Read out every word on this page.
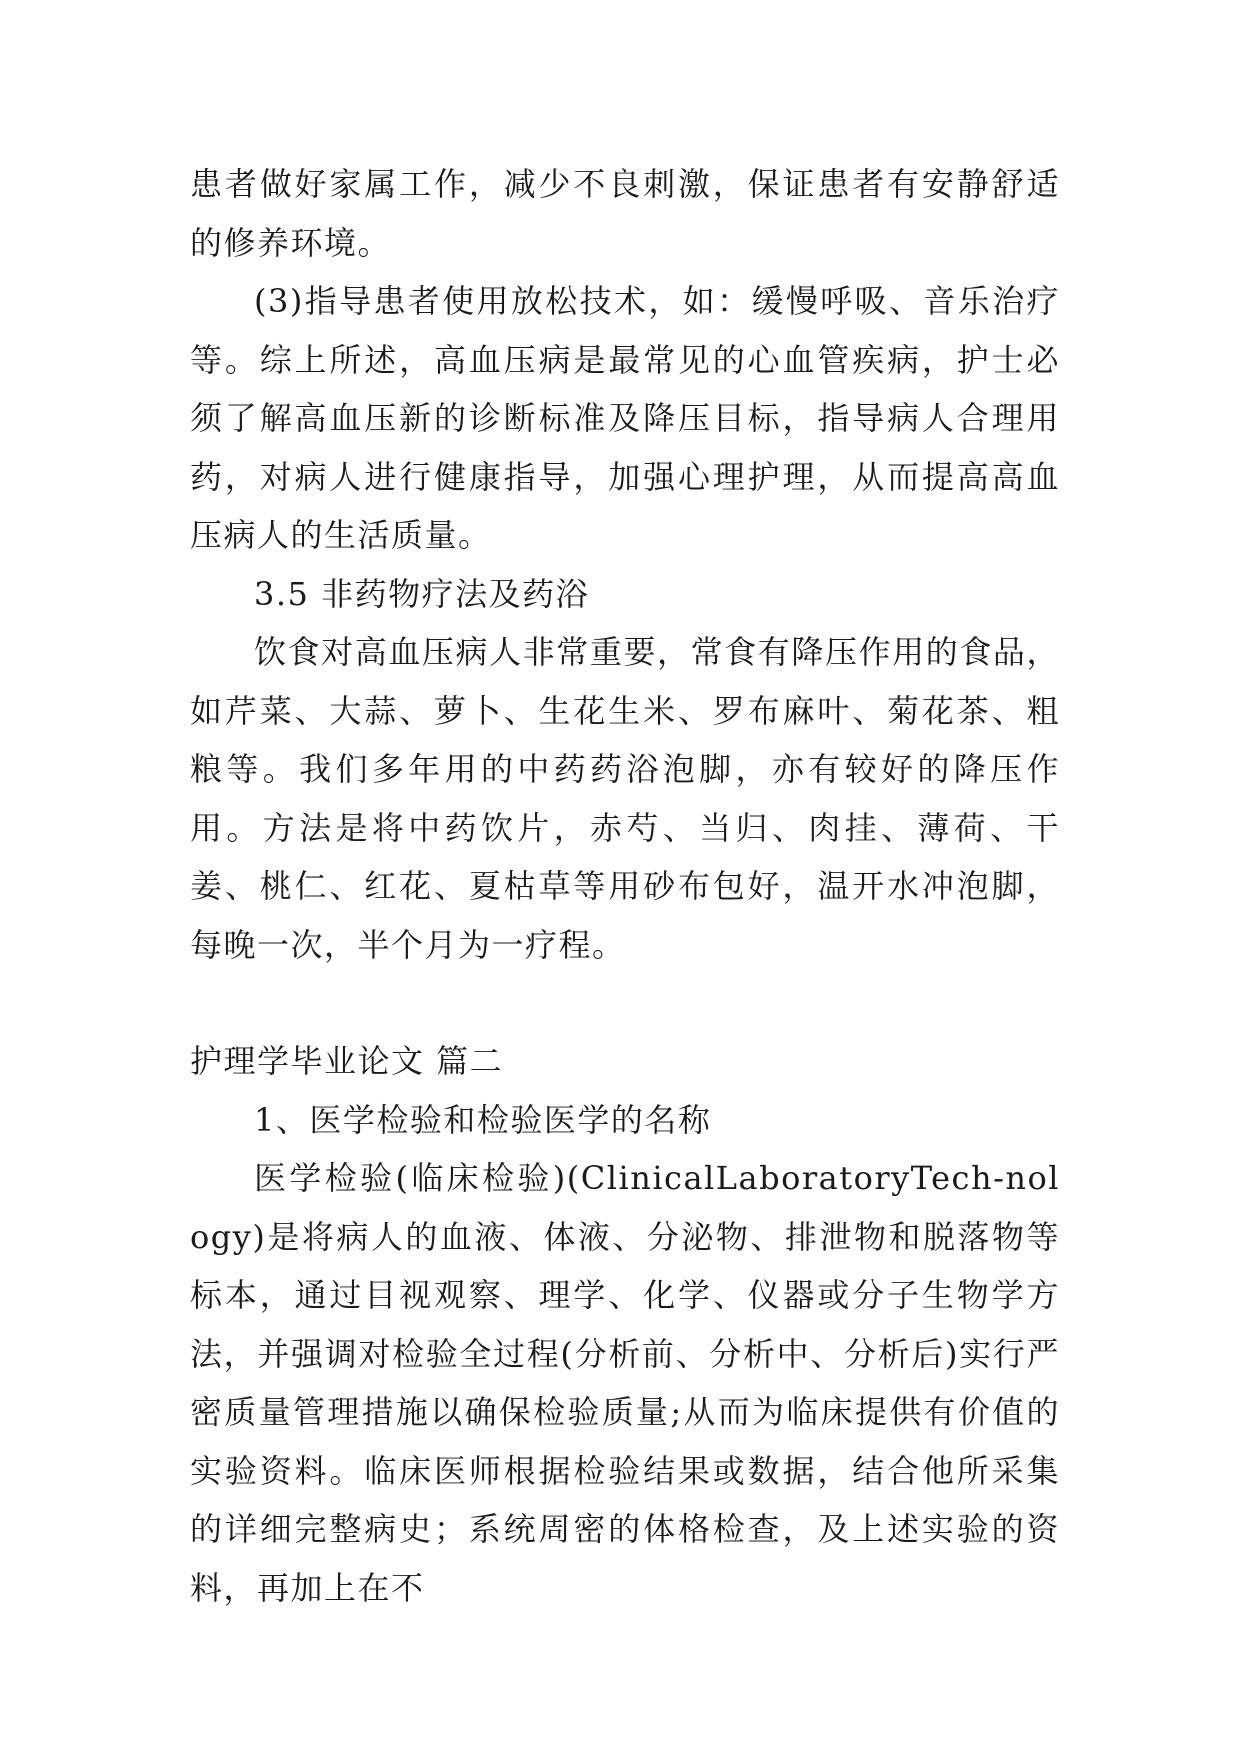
患者做好家属工作，减少不良刺激，保证患者有安静舒适的修养环境。

(3)指导患者使用放松技术，如：缓慢呼吸、音乐治疗等。综上所述，高血压病是最常见的心血管疾病，护士必须了解高血压新的诊断标准及降压目标，指导病人合理用药，对病人进行健康指导，加强心理护理，从而提高高血压病人的生活质量。

3.5 非药物疗法及药浴

饮食对高血压病人非常重要，常食有降压作用的食品，如芹菜、大蒜、萝卜、生花生米、罗布麻叶、菊花茶、粗粮等。我们多年用的中药药浴泡脚，亦有较好的降压作用。方法是将中药饮片，赤芍、当归、肉挂、薄荷、干姜、桃仁、红花、夏枯草等用砂布包好，温开水冲泡脚，每晚一次，半个月为一疗程。

护理学毕业论文 篇二

1、医学检验和检验医学的名称

医学检验(临床检验)(ClinicalLaboratoryTech-nology)是将病人的血液、体液、分泌物、排泄物和脱落物等标本，通过目视观察、理学、化学、仪器或分子生物学方法，并强调对检验全过程(分析前、分析中、分析后)实行严密质量管理措施以确保检验质量;从而为临床提供有价值的实验资料。临床医师根据检验结果或数据，结合他所采集的详细完整病史；系统周密的体格检查，及上述实验的资料，再加上在不
